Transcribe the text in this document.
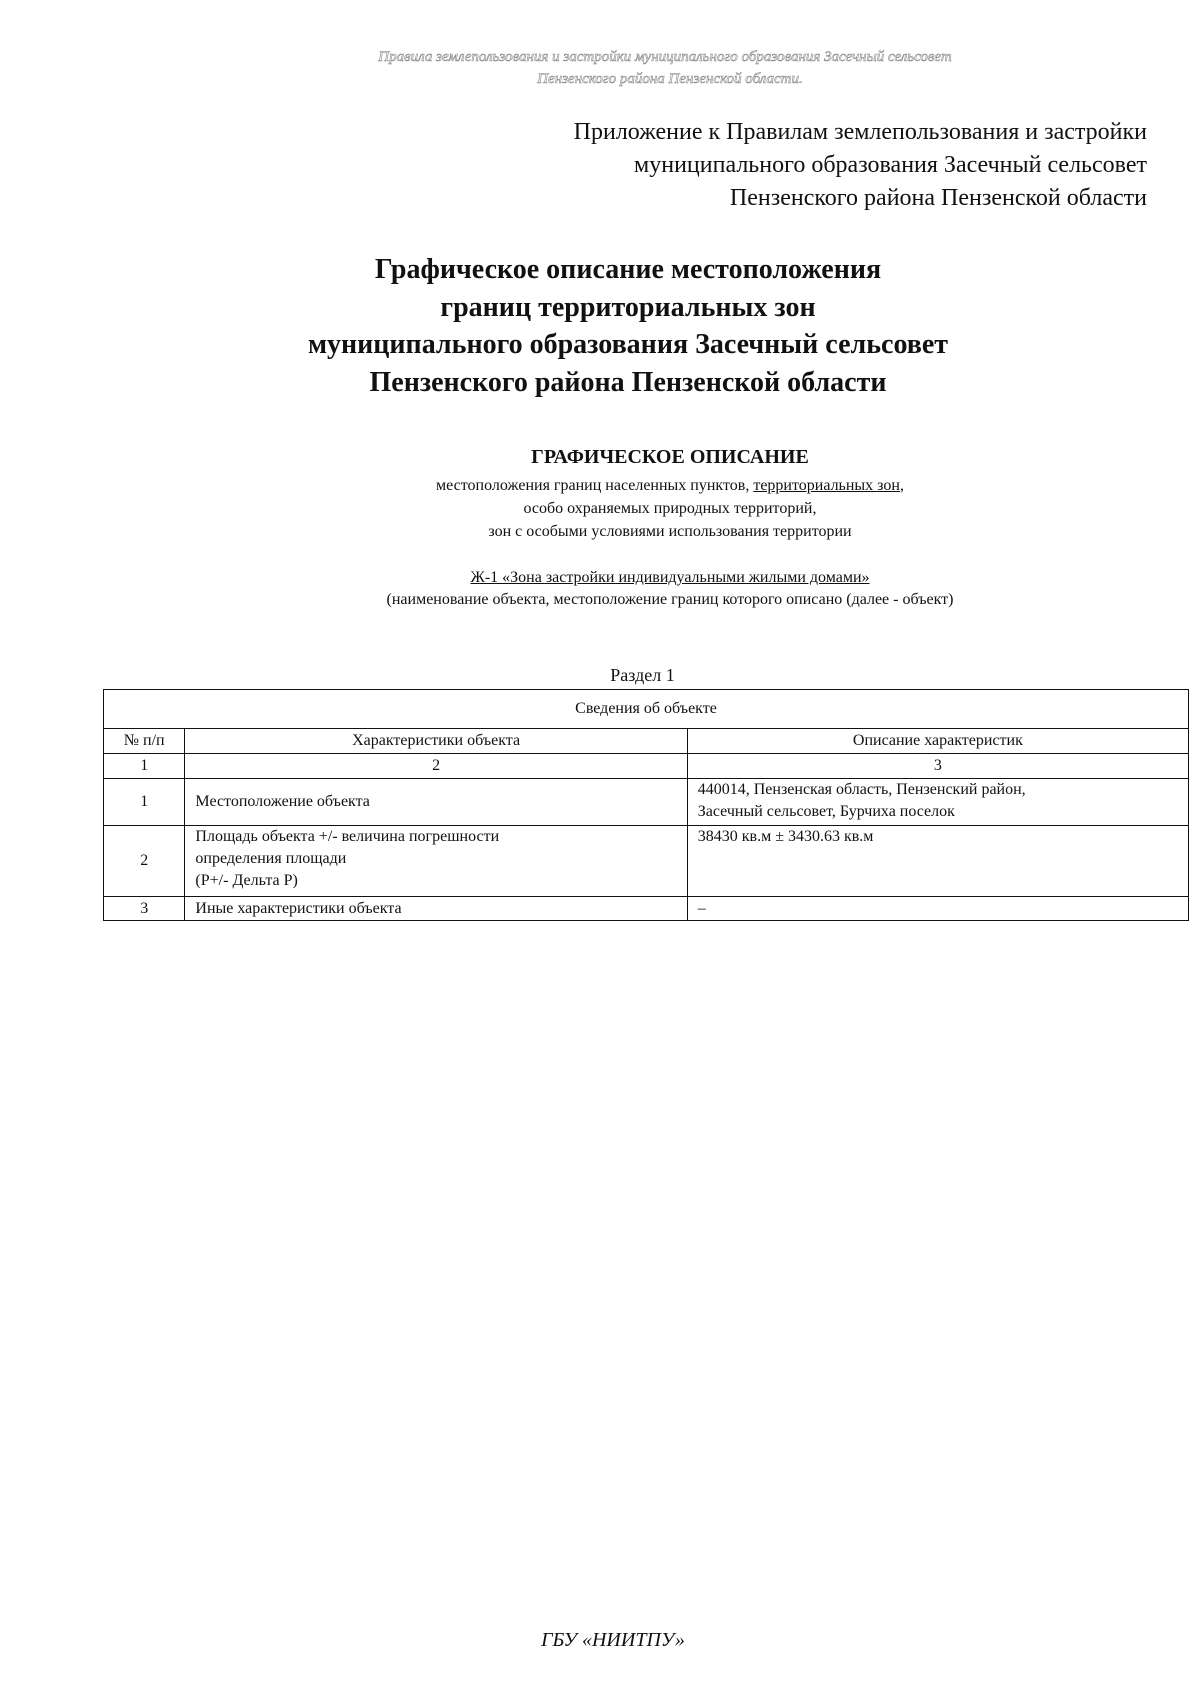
Правила землепользования и застройки муниципального образования Засечный сельсовет
Пензенского района Пензенской области.
Приложение к Правилам землепользования и застройки
муниципального образования Засечный сельсовет
Пензенского района Пензенской области
Графическое описание местоположения
границ территориальных зон
муниципального образования Засечный сельсовет
Пензенского района Пензенской области
ГРАФИЧЕСКОЕ ОПИСАНИЕ
местоположения границ населенных пунктов, территориальных зон,
особо охраняемых природных территорий,
зон с особыми условиями использования территории
Ж-1 «Зона застройки индивидуальными жилыми домами»
(наименование объекта, местоположение границ которого описано (далее - объект)
Раздел 1
Сведения об объекте		
№ п/п	Характеристики объекта	Описание характеристик
1	2	3
1	Местоположение объекта	440014, Пензенская область, Пензенский район,
Засечный сельсовет, Бурчиха поселок

2	Площадь объекта +/- величина погрешности
определения площади
(P+/- Дельта P)	38430 кв.м ± 3430.63 кв.м

3	Иные характеристики объекта	–
ГБУ «НИИТПУ»
